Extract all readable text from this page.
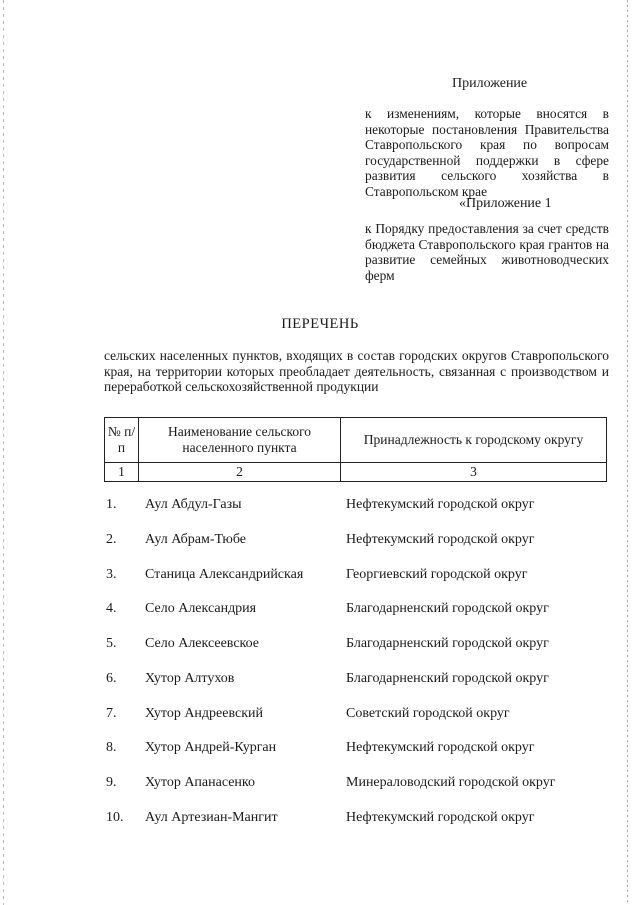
Приложение
к изменениям, которые вносятся в некоторые постановления Правительства Ставропольского края по вопросам государственной поддержки в сфере развития сельского хозяйства в Ставропольском крае
«Приложение 1
к Порядку предоставления за счет средств бюджета Ставропольского края грантов на развитие семейных животноводческих ферм
ПЕРЕЧЕНЬ
сельских населенных пунктов, входящих в состав городских округов Ставропольского края, на территории которых преобладает деятельность, связанная с производством и переработкой сельскохозяйственной продукции
№ п/п	Наименование сельского населенного пункта	Принадлежность к городскому округу
1	2	3
1. Аул Абдул-Газы	Нефтекумский городской округ
2. Аул Абрам-Тюбе	Нефтекумский городской округ
3. Станица Александрийская	Георгиевский городской округ
4. Село Александрия	Благодарненский городской округ
5. Село Алексеевское	Благодарненский городской округ
6. Хутор Алтухов	Благодарненский городской округ
7. Хутор Андреевский	Советский городской округ
8. Хутор Андрей-Курган	Нефтекумский городской округ
9. Хутор Апанасенко	Минераловодский городской округ
10. Аул Артезиан-Мангит	Нефтекумский городской округ
